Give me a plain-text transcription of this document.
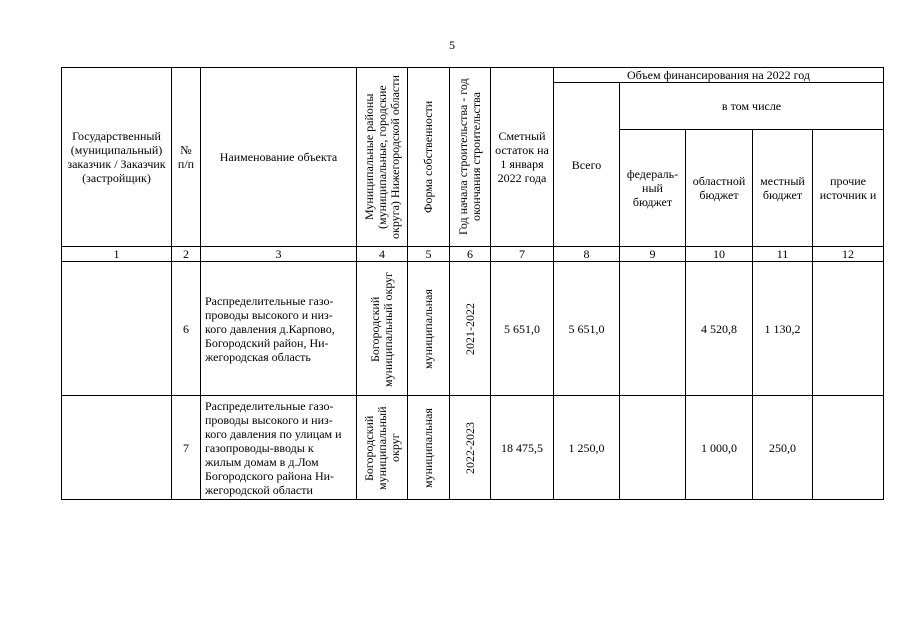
5
Государственный (муниципальный) заказчик / Заказчик (застройщик)	№ п/п	Наименование объекта	Муниципальные районы (муниципальные, городские округа) Нижегородской области	Форма собственности	Год начала строительства - год окончания строительства	Сметный остаток на 1 января 2022 года	Объем финансирования на 2022 год				

							Всего	в том числе			

								федераль- ный бюджет	областной бюджет	местный бюджет	прочие источник и

1	2	3	4	5	6	7	8	9	10	11	12
	6	Распределительные газо- проводы высокого и низ- кого давления д.Карпово, Богородский район, Ни- жегородская область	Богородский муниципальный округ	муниципальная	2021-2022	5 651,0	5 651,0		4 520,8	1 130,2	
	7	Распределительные газо- проводы высокого и низ- кого давления по улицам и газопроводы-вводы к жилым домам в д.Лом Богородского района Ни- жегородской области	Богородский муниципальный округ	муниципальная	2022-2023	18 475,5	1 250,0		1 000,0	250,0	
